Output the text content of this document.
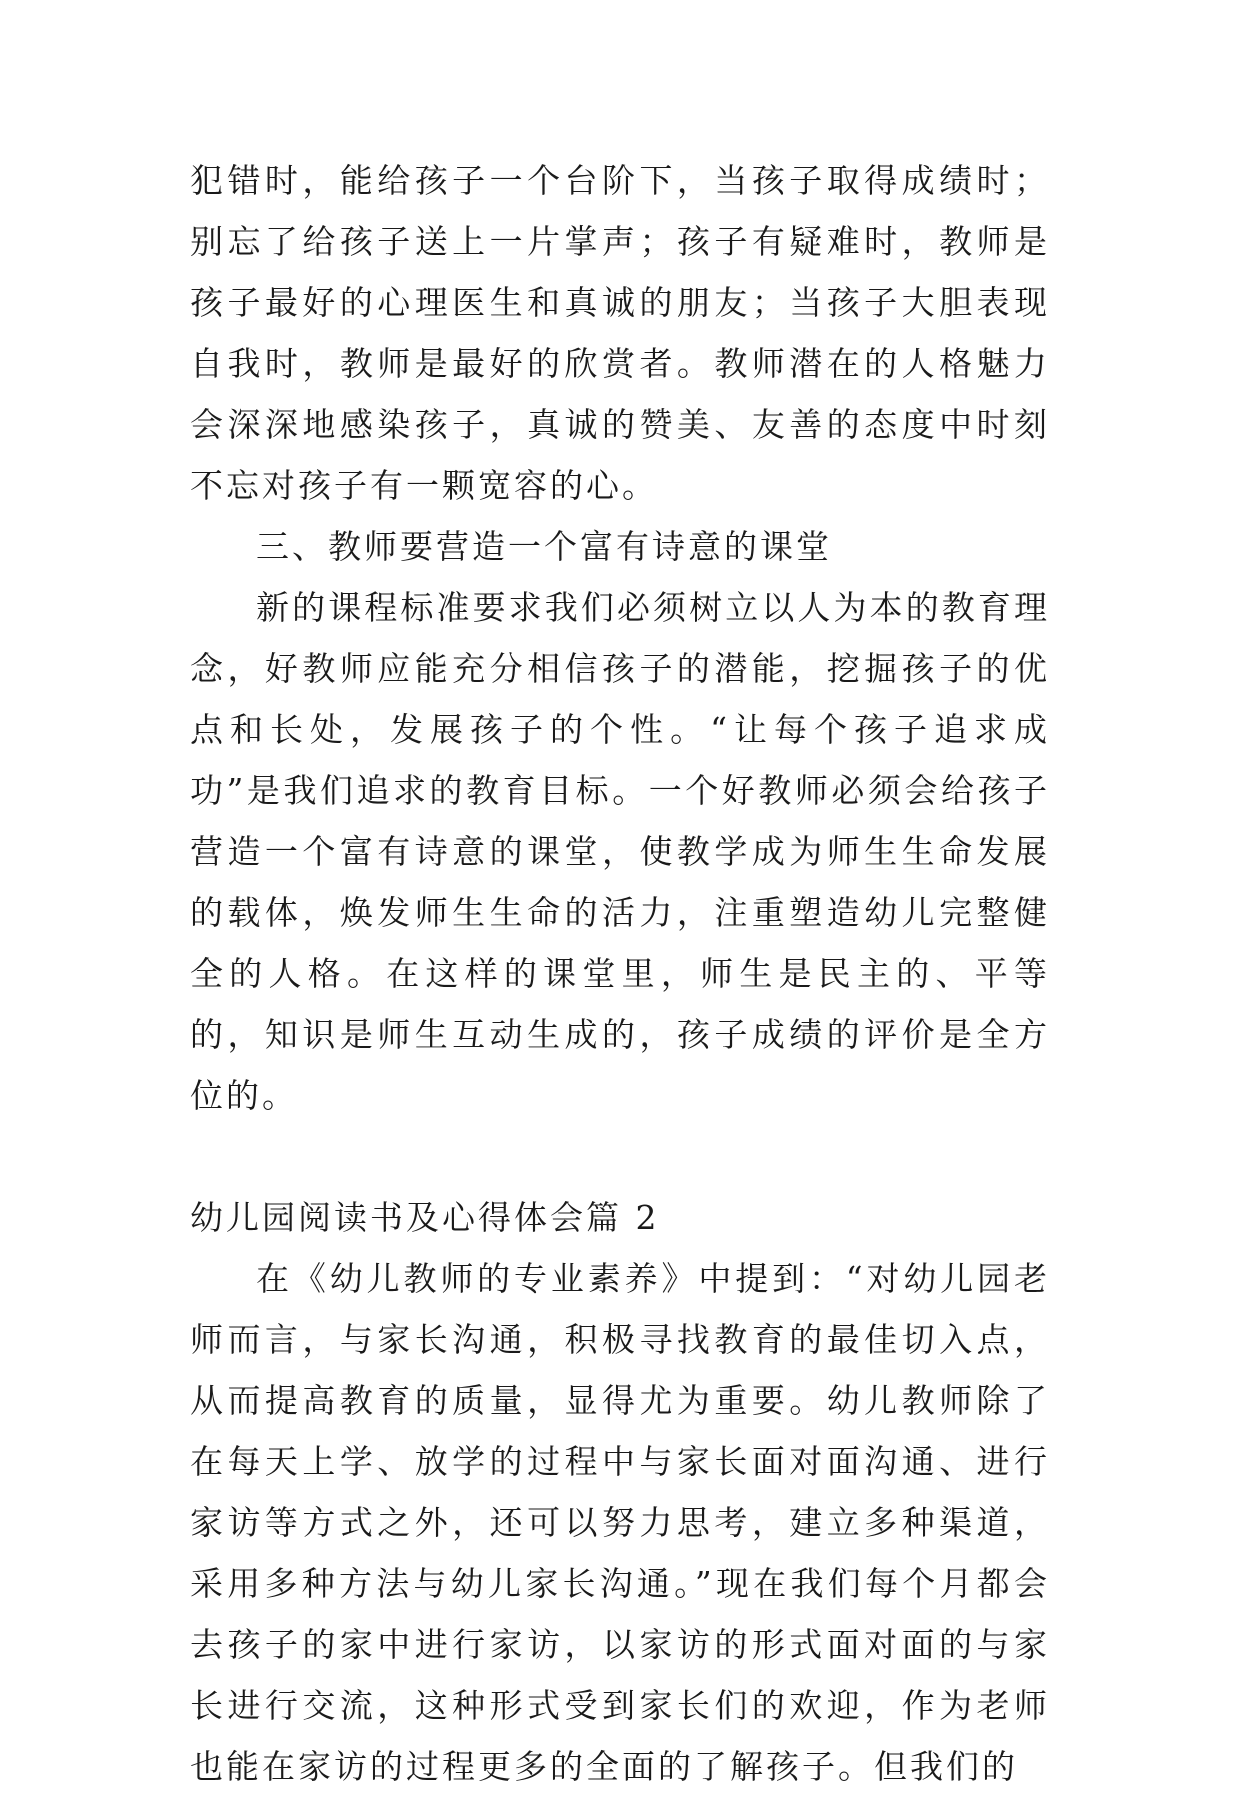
犯错时，能给孩子一个台阶下，当孩子取得成绩时；别忘了给孩子送上一片掌声；孩子有疑难时，教师是孩子最好的心理医生和真诚的朋友；当孩子大胆表现自我时，教师是最好的欣赏者。教师潜在的人格魅力会深深地感染孩子，真诚的赞美、友善的态度中时刻不忘对孩子有一颗宽容的心。

三、教师要营造一个富有诗意的课堂

新的课程标准要求我们必须树立以人为本的教育理念，好教师应能充分相信孩子的潜能，挖掘孩子的优点和长处，发展孩子的个性。“让每个孩子追求成功”是我们追求的教育目标。一个好教师必须会给孩子营造一个富有诗意的课堂，使教学成为师生生命发展的载体，焕发师生生命的活力，注重塑造幼儿完整健全的人格。在这样的课堂里，师生是民主的、平等的，知识是师生互动生成的，孩子成绩的评价是全方位的。

幼儿园阅读书及心得体会篇 2

在《幼儿教师的专业素养》中提到：“对幼儿园老师而言，与家长沟通，积极寻找教育的最佳切入点，从而提高教育的质量，显得尤为重要。幼儿教师除了在每天上学、放学的过程中与家长面对面沟通、进行家访等方式之外，还可以努力思考，建立多种渠道，采用多种方法与幼儿家长沟通。”现在我们每个月都会去孩子的家中进行家访，以家访的形式面对面的与家长进行交流，这种形式受到家长们的欢迎，作为老师也能在家访的过程更多的全面的了解孩子。但我们的
